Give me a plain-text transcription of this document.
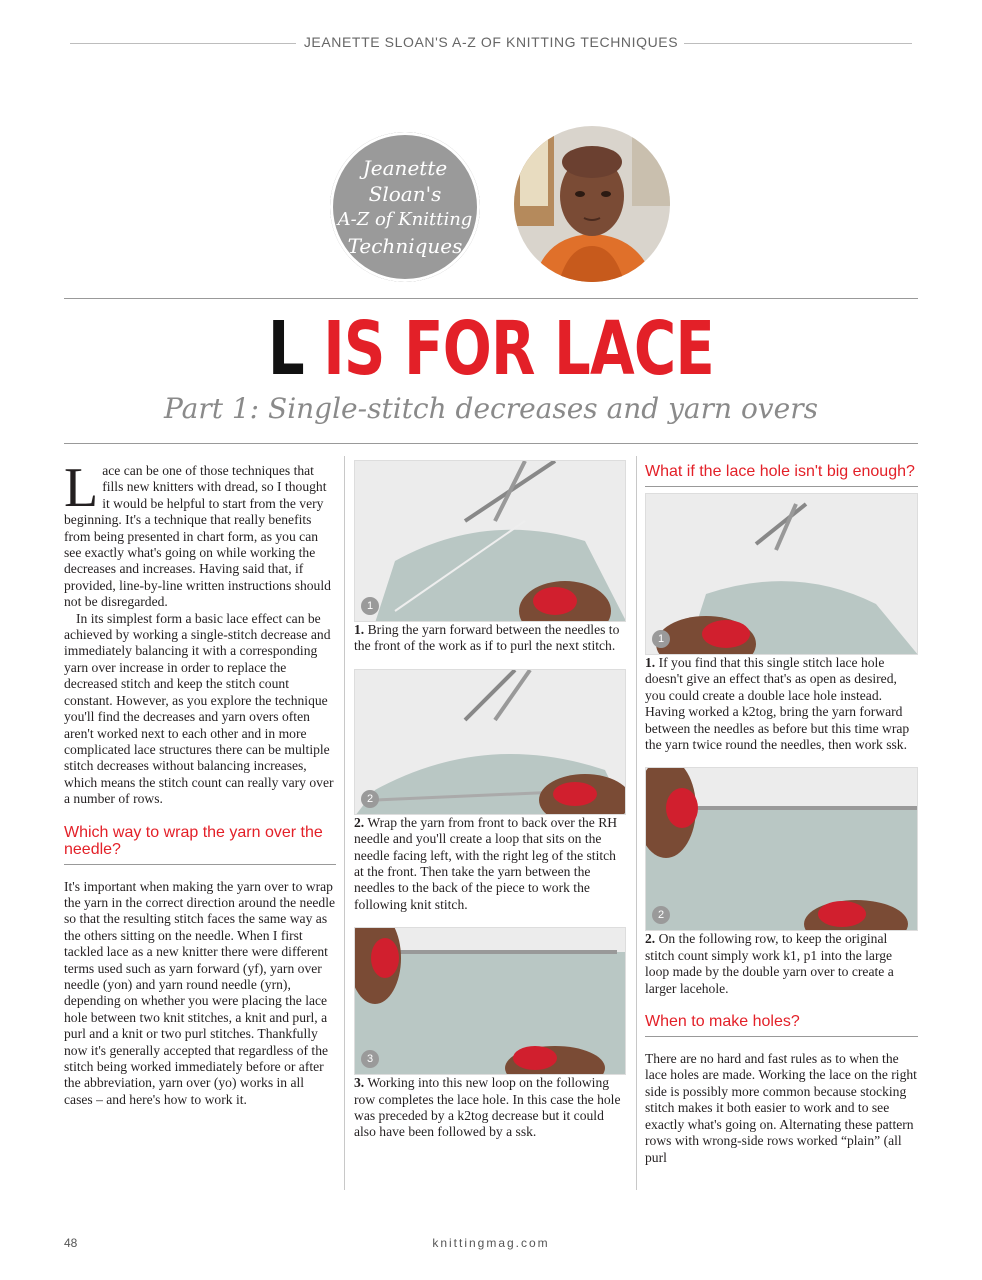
JEANETTE SLOAN'S A-Z OF KNITTING TECHNIQUES
Jeanette
Sloan's
A-Z of Knitting
Techniques
L IS FOR LACE
Part 1: Single-stitch decreases and yarn overs

Lace can be one of those techniques that fills new knitters with dread, so I thought it would be helpful to start from the very beginning. It's a technique that really benefits from being presented in chart form, as you can see exactly what's going on while working the decreases and increases. Having said that, if provided, line-by-line written instructions should not be disregarded.

In its simplest form a basic lace effect can be achieved by working a single-stitch decrease and immediately balancing it with a corresponding yarn over increase in order to replace the decreased stitch and keep the stitch count constant. However, as you explore the technique you'll find the decreases and yarn overs often aren't worked next to each other and in more complicated lace structures there can be multiple stitch decreases without balancing increases, which means the stitch count can really vary over a number of rows.

Which way to wrap the yarn over the needle?

It's important when making the yarn over to wrap the yarn in the correct direction around the needle so that the resulting stitch faces the same way as the others sitting on the needle. When I first tackled lace as a new knitter there were different terms used such as yarn forward (yf), yarn over needle (yon) and yarn round needle (yrn), depending on whether you were placing the lace hole between two knit stitches, a knit and purl, a purl and a knit or two purl stitches. Thankfully now it's generally accepted that regardless of the stitch being worked immediately before or after the abbreviation, yarn over (yo) works in all cases – and here's how to work it.

1

1. Bring the yarn forward between the needles to the front of the work as if to purl the next stitch.

2

2. Wrap the yarn from front to back over the RH needle and you'll create a loop that sits on the needle facing left, with the right leg of the stitch at the front. Then take the yarn between the needles to the back of the piece to work the following knit stitch.

3

3. Working into this new loop on the following row completes the lace hole. In this case the hole was preceded by a k2tog decrease but it could also have been followed by a ssk.

What if the lace hole isn't big enough?

1

1. If you find that this single stitch lace hole doesn't give an effect that's as open as desired, you could create a double lace hole instead. Having worked a k2tog, bring the yarn forward between the needles as before but this time wrap the yarn twice round the needles, then work ssk.

2

2. On the following row, to keep the original stitch count simply work k1, p1 into the large loop made by the double yarn over to create a larger lacehole.

When to make holes?

There are no hard and fast rules as to when the lace holes are made. Working the lace on the right side is possibly more common because stocking stitch makes it both easier to work and to see exactly what's going on. Alternating these pattern rows with wrong-side rows worked “plain” (all purl

48	knittingmag.com
